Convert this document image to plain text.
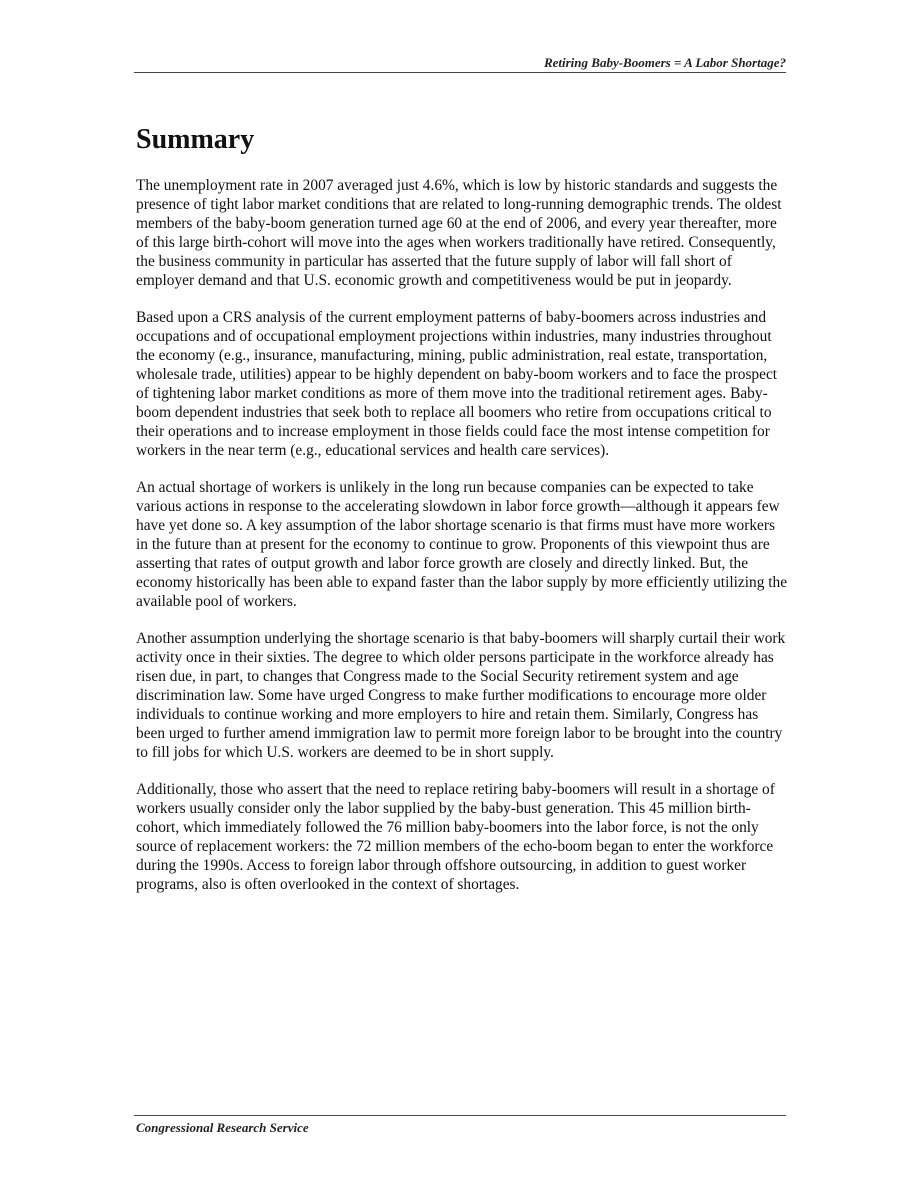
Retiring Baby-Boomers = A Labor Shortage?
Summary

The unemployment rate in 2007 averaged just 4.6%, which is low by historic standards and suggests the presence of tight labor market conditions that are related to long-running demographic trends. The oldest members of the baby-boom generation turned age 60 at the end of 2006, and every year thereafter, more of this large birth-cohort will move into the ages when workers traditionally have retired. Consequently, the business community in particular has asserted that the future supply of labor will fall short of employer demand and that U.S. economic growth and competitiveness would be put in jeopardy.

Based upon a CRS analysis of the current employment patterns of baby-boomers across industries and occupations and of occupational employment projections within industries, many industries throughout the economy (e.g., insurance, manufacturing, mining, public administration, real estate, transportation, wholesale trade, utilities) appear to be highly dependent on baby-boom workers and to face the prospect of tightening labor market conditions as more of them move into the traditional retirement ages. Baby-boom dependent industries that seek both to replace all boomers who retire from occupations critical to their operations and to increase employment in those fields could face the most intense competition for workers in the near term (e.g., educational services and health care services).

An actual shortage of workers is unlikely in the long run because companies can be expected to take various actions in response to the accelerating slowdown in labor force growth—although it appears few have yet done so. A key assumption of the labor shortage scenario is that firms must have more workers in the future than at present for the economy to continue to grow. Proponents of this viewpoint thus are asserting that rates of output growth and labor force growth are closely and directly linked. But, the economy historically has been able to expand faster than the labor supply by more efficiently utilizing the available pool of workers.

Another assumption underlying the shortage scenario is that baby-boomers will sharply curtail their work activity once in their sixties. The degree to which older persons participate in the workforce already has risen due, in part, to changes that Congress made to the Social Security retirement system and age discrimination law. Some have urged Congress to make further modifications to encourage more older individuals to continue working and more employers to hire and retain them. Similarly, Congress has been urged to further amend immigration law to permit more foreign labor to be brought into the country to fill jobs for which U.S. workers are deemed to be in short supply.

Additionally, those who assert that the need to replace retiring baby-boomers will result in a shortage of workers usually consider only the labor supplied by the baby-bust generation. This 45 million birth-cohort, which immediately followed the 76 million baby-boomers into the labor force, is not the only source of replacement workers: the 72 million members of the echo-boom began to enter the workforce during the 1990s. Access to foreign labor through offshore outsourcing, in addition to guest worker programs, also is often overlooked in the context of shortages.

Congressional Research Service
